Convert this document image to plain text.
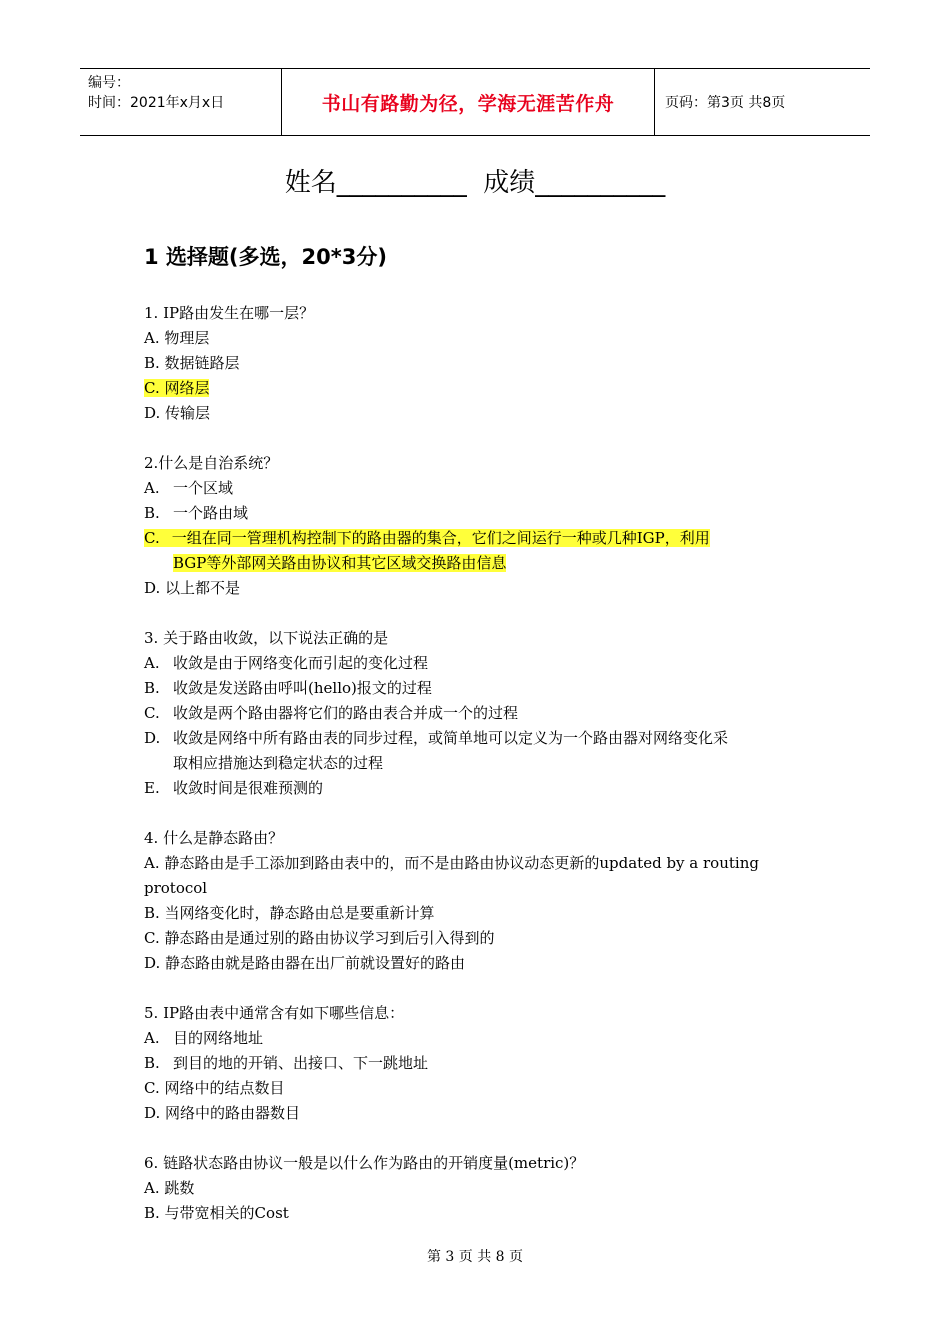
编号：
时间：2021年x月x日	书山有路勤为径，学海无涯苦作舟	页码：第3页 共8页
姓名__________  成绩__________
1 选择题(多选，20*3分)
1. IP路由发生在哪一层？
A. 物理层
B. 数据链路层
C. 网络层
D. 传输层
2.什么是自治系统？
A. 一个区域
B. 一个路由域
C. 一组在同一管理机构控制下的路由器的集合，它们之间运行一种或几种IGP，利用
BGP等外部网关路由协议和其它区域交换路由信息
D. 以上都不是
3. 关于路由收敛，以下说法正确的是
A. 收敛是由于网络变化而引起的变化过程
B. 收敛是发送路由呼叫(hello)报文的过程
C. 收敛是两个路由器将它们的路由表合并成一个的过程
D. 收敛是网络中所有路由表的同步过程，或简单地可以定义为一个路由器对网络变化采
取相应措施达到稳定状态的过程
E. 收敛时间是很难预测的
4. 什么是静态路由？
A. 静态路由是手工添加到路由表中的，而不是由路由协议动态更新的updated by a routing
protocol
B. 当网络变化时，静态路由总是要重新计算
C. 静态路由是通过别的路由协议学习到后引入得到的
D. 静态路由就是路由器在出厂前就设置好的路由
5. IP路由表中通常含有如下哪些信息：
A. 目的网络地址
B. 到目的地的开销、出接口、下一跳地址
C. 网络中的结点数目
D. 网络中的路由器数目
6. 链路状态路由协议一般是以什么作为路由的开销度量(metric)？
A. 跳数
B. 与带宽相关的Cost
第 3 页 共 8 页
